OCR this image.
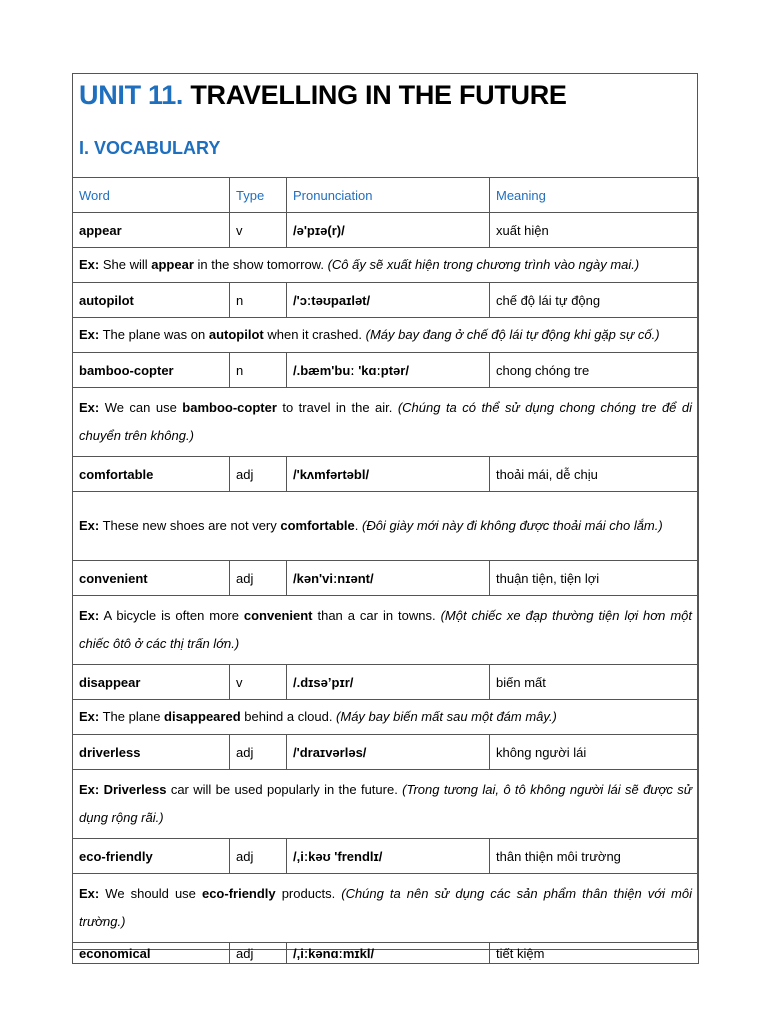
UNIT 11. TRAVELLING IN THE FUTURE
I. VOCABULARY
Word	Type	Pronunciation	Meaning
appear	v	/ə'pɪə(r)/	xuất hiện
Ex: She will appear in the show tomorrow. (Cô ấy sẽ xuất hiện trong chương trình vào ngày mai.)			
autopilot	n	/'ɔːtəʊpaɪlət/	chế độ lái tự động
Ex: The plane was on autopilot when it crashed. (Máy bay đang ở chế độ lái tự động khi gặp sự cố.)			
bamboo-copter	n	/.bæm'buː 'kɑːptər/	chong chóng tre
Ex: We can use bamboo-copter to travel in the air. (Chúng ta có thể sử dụng chong chóng tre để di chuyển trên không.)			
comfortable	adj	/'kʌmfərtəbl/	thoải mái, dễ chịu
Ex: These new shoes are not very comfortable. (Đôi giày mới này đi không được thoải mái cho lắm.)			
convenient	adj	/kən'viːnɪənt/	thuận tiện, tiện lợi
Ex: A bicycle is often more convenient than a car in towns. (Một chiếc xe đạp thường tiện lợi hơn một chiếc ôtô ở các thị trấn lớn.)			
disappear	v	/.dɪsə’pɪr/	biến mất
Ex: The plane disappeared behind a cloud. (Máy bay biến mất sau một đám mây.)			
driverless	adj	/'draɪvərləs/	không người lái
Ex: Driverless car will be used popularly in the future. (Trong tương lai, ô tô không người lái sẽ được sử dụng rộng rãi.)			
eco-friendly	adj	/,iːkəʊ 'frendlɪ/	thân thiện môi trường
Ex: We should use eco-friendly products. (Chúng ta nên sử dụng các sản phẩm thân thiện với môi trường.)			
economical	adj	/,iːkənɑːmɪkl/	tiết kiệm
